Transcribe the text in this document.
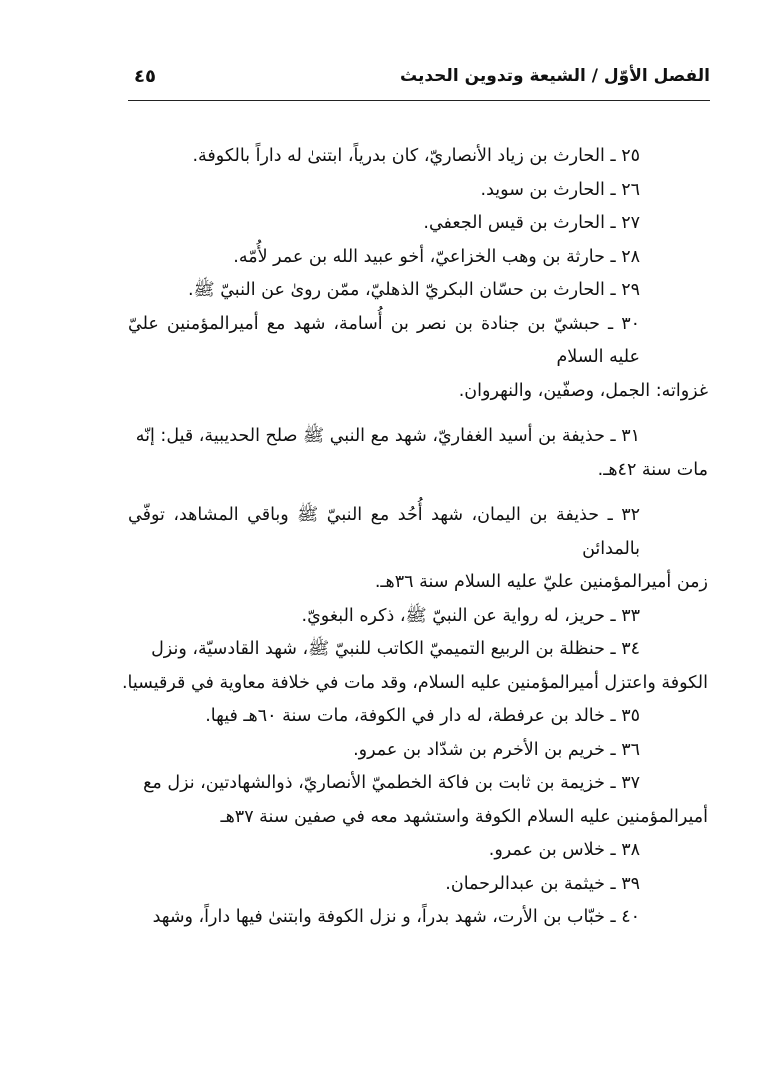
الفصل الأوّل / الشيعة وتدوين الحديث
٤٥

٢٥ ـ الحارث بن زياد الأنصاريّ، كان بدرياً، ابتنىٰ له داراً بالكوفة.

٢٦ ـ الحارث بن سويد.

٢٧ ـ الحارث بن قيس الجعفي.

٢٨ ـ حارثة بن وهب الخزاعيّ، أخو عبيد الله بن عمر لأُمّه.

٢٩ ـ الحارث بن حسّان البكريّ الذهليّ، ممّن روىٰ عن النبيّ ﷺ.

٣٠ ـ حبشيّ بن جنادة بن نصر بن أُسامة، شهد مع أميرالمؤمنين عليّ عليه السلام

غزواته: الجمل، وصفّين، والنهروان.

٣١ ـ حذيفة بن أسيد الغفاريّ، شهد مع النبي ﷺ صلح الحديبية، قيل: إنّه

مات سنة ٤٢هـ.

٣٢ ـ حذيفة بن اليمان، شهد أُحُد مع النبيّ ﷺ وباقي المشاهد، توفّي بالمدائن

زمن أميرالمؤمنين عليّ عليه السلام سنة ٣٦هـ.

٣٣ ـ حريز، له رواية عن النبيّ ﷺ، ذكره البغويّ.

٣٤ ـ حنظلة بن الربيع التميميّ الكاتب للنبيّ ﷺ، شهد القادسيّة، ونزل

الكوفة واعتزل أميرالمؤمنين عليه السلام، وقد مات في خلافة معاوية في قرقيسيا.

٣٥ ـ خالد بن عرفطة، له دار في الكوفة، مات سنة ٦٠هـ فيها.

٣٦ ـ خريم بن الأخرم بن شدّاد بن عمرو.

٣٧ ـ خزيمة بن ثابت بن فاكة الخطميّ الأنصاريّ، ذوالشهادتين، نزل مع

أميرالمؤمنين عليه السلام الكوفة واستشهد معه في صفين سنة ٣٧هـ

٣٨ ـ خلاس بن عمرو.

٣٩ ـ خيثمة بن عبدالرحمان.

٤٠ ـ خبّاب بن الأرت، شهد بدراً، و نزل الكوفة وابتنىٰ فيها داراً، وشهد
